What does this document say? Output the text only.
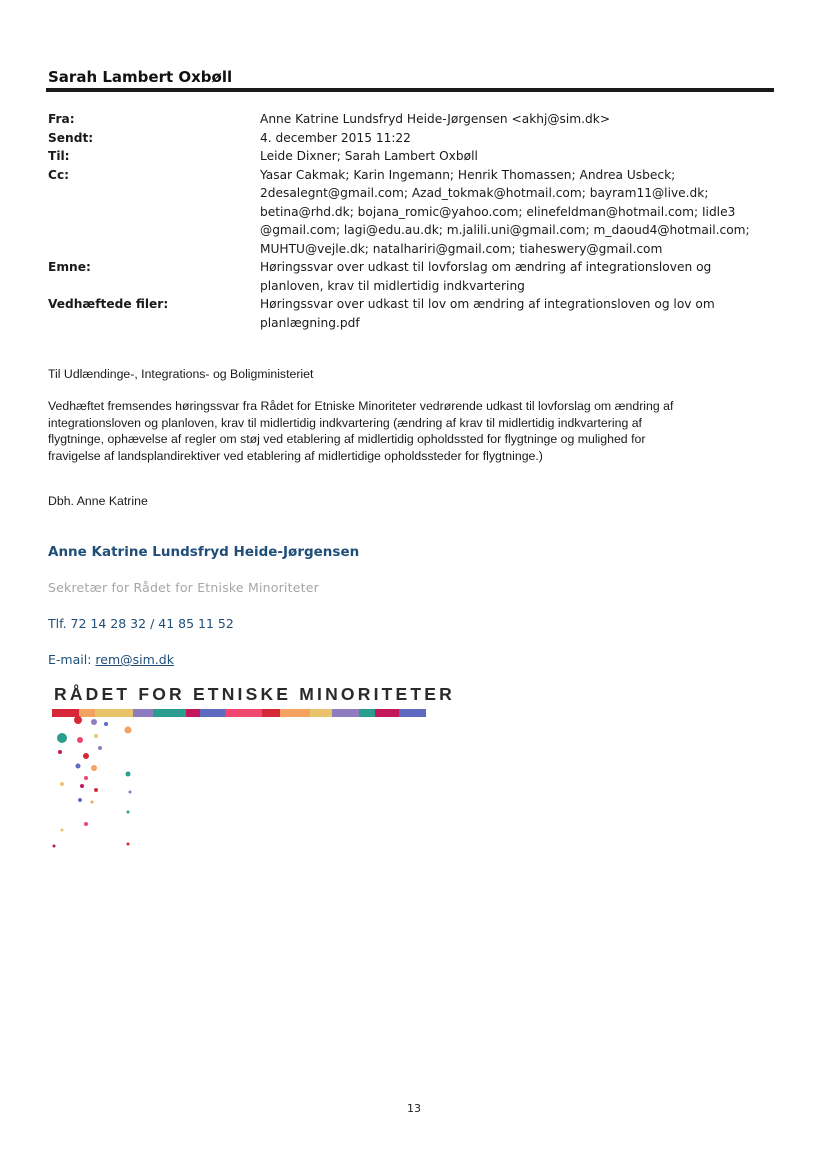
Sarah Lambert Oxbøll
Fra:	Anne Katrine Lundsfryd Heide-Jørgensen <akhj@sim.dk>
Sendt:	4. december 2015 11:22
Til:	Leide Dixner; Sarah Lambert Oxbøll
Cc:	Yasar Cakmak; Karin Ingemann; Henrik Thomassen; Andrea Usbeck;
2desalegnt@gmail.com; Azad_tokmak@hotmail.com; bayram11@live.dk;
betina@rhd.dk; bojana_romic@yahoo.com; elinefeldman@hotmail.com; Iidle3
@gmail.com; lagi@edu.au.dk; m.jalili.uni@gmail.com; m_daoud4@hotmail.com;
MUHTU@vejle.dk; natalhariri@gmail.com; tiaheswery@gmail.com
Emne:	Høringssvar over udkast til lovforslag om ændring af integrationsloven og
planloven, krav til midlertidig indkvartering
Vedhæftede filer:	Høringssvar over udkast til lov om ændring af integrationsloven og lov om
planlægning.pdf
Til Udlændinge-, Integrations- og Boligministeriet
Vedhæftet fremsendes høringssvar fra Rådet for Etniske Minoriteter vedrørende udkast til lovforslag om ændring af
integrationsloven og planloven, krav til midlertidig indkvartering (ændring af krav til midlertidig indkvartering af
flygtninge, ophævelse af regler om støj ved etablering af midlertidig opholdssted for flygtninge og mulighed for
fravigelse af landsplandirektiver ved etablering af midlertidige opholdssteder for flygtninge.)
Dbh. Anne Katrine
Anne Katrine Lundsfryd Heide-Jørgensen
Sekretær for Rådet for Etniske Minoriteter
Tlf. 72 14 28 32 / 41 85 11 52
E-mail: rem@sim.dk
RÅDET FOR ETNISKE MINORITETER
13
